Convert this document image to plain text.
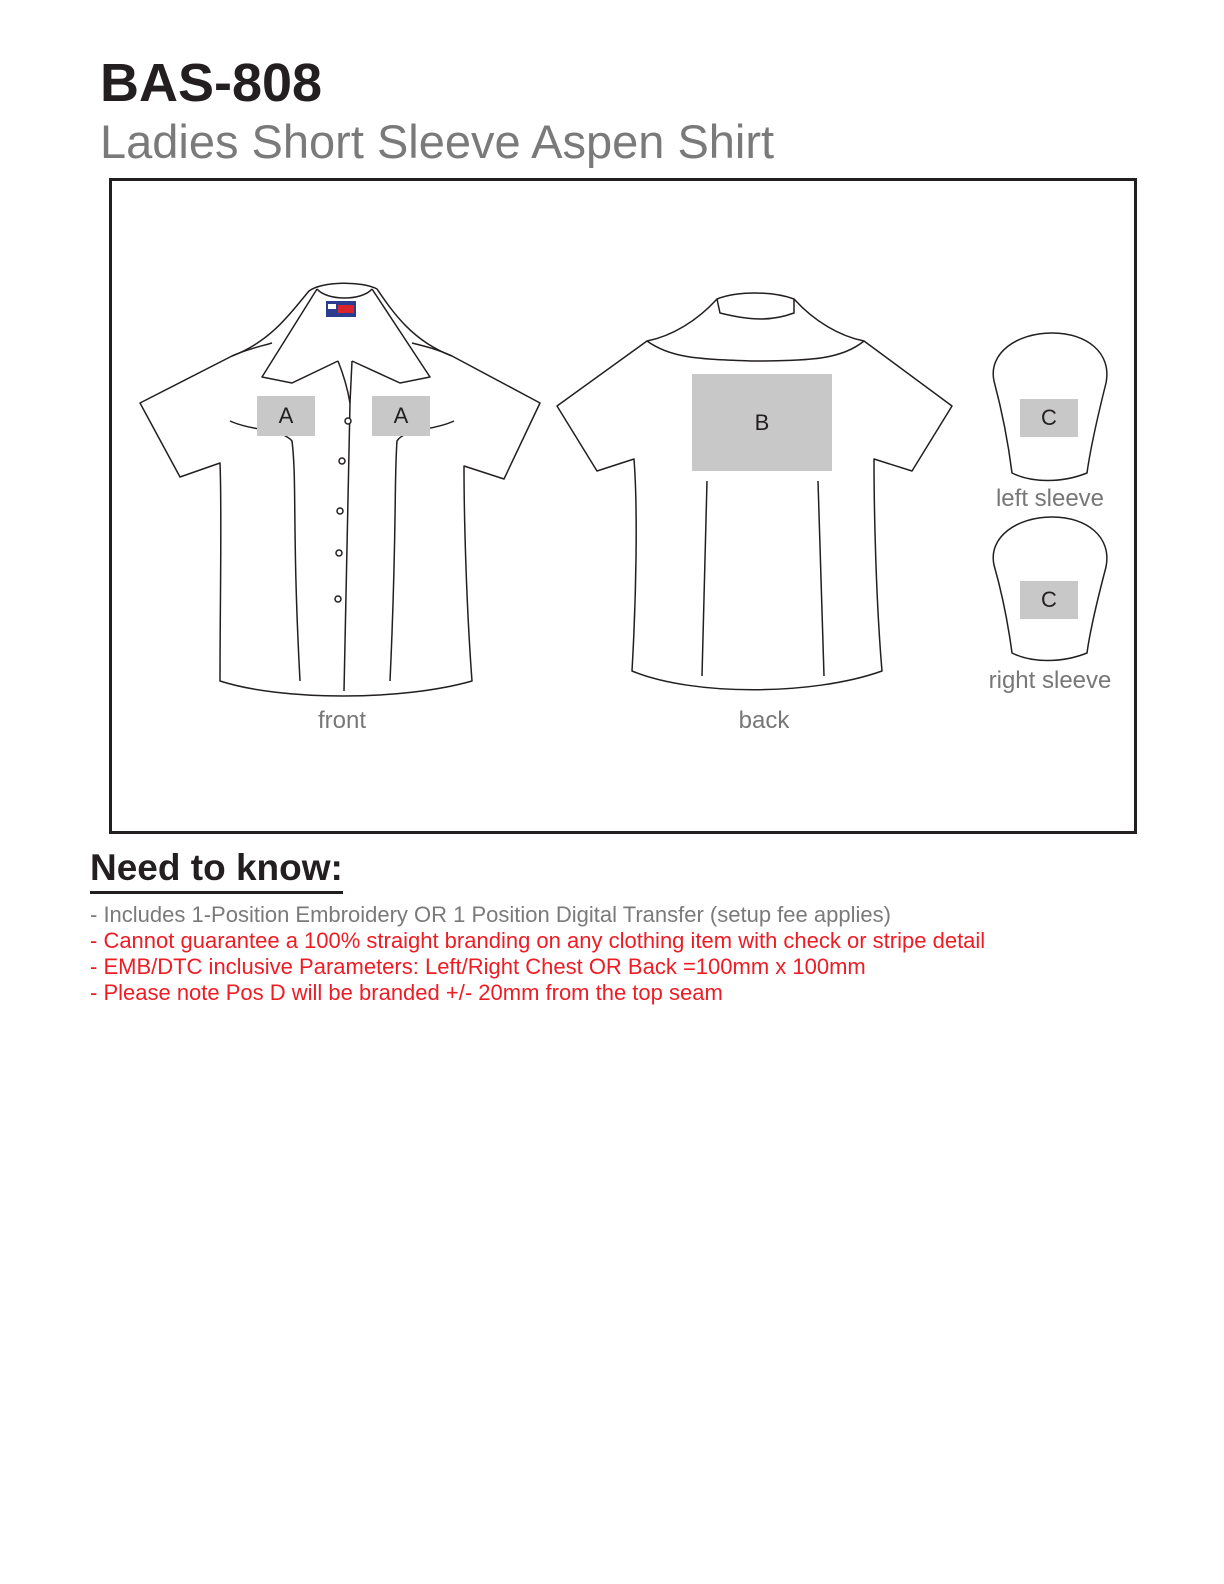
BAS-808
Ladies Short Sleeve Aspen Shirt
A	A	B	C
C
front	back
left sleeve
right sleeve
Need to know:
- Includes 1-Position Embroidery OR 1 Position Digital Transfer (setup fee applies)
- Cannot guarantee a 100% straight branding on any clothing item with check or stripe detail
- EMB/DTC inclusive Parameters: Left/Right Chest OR Back =100mm x 100mm
- Please note Pos D will be branded +/- 20mm from the top seam
